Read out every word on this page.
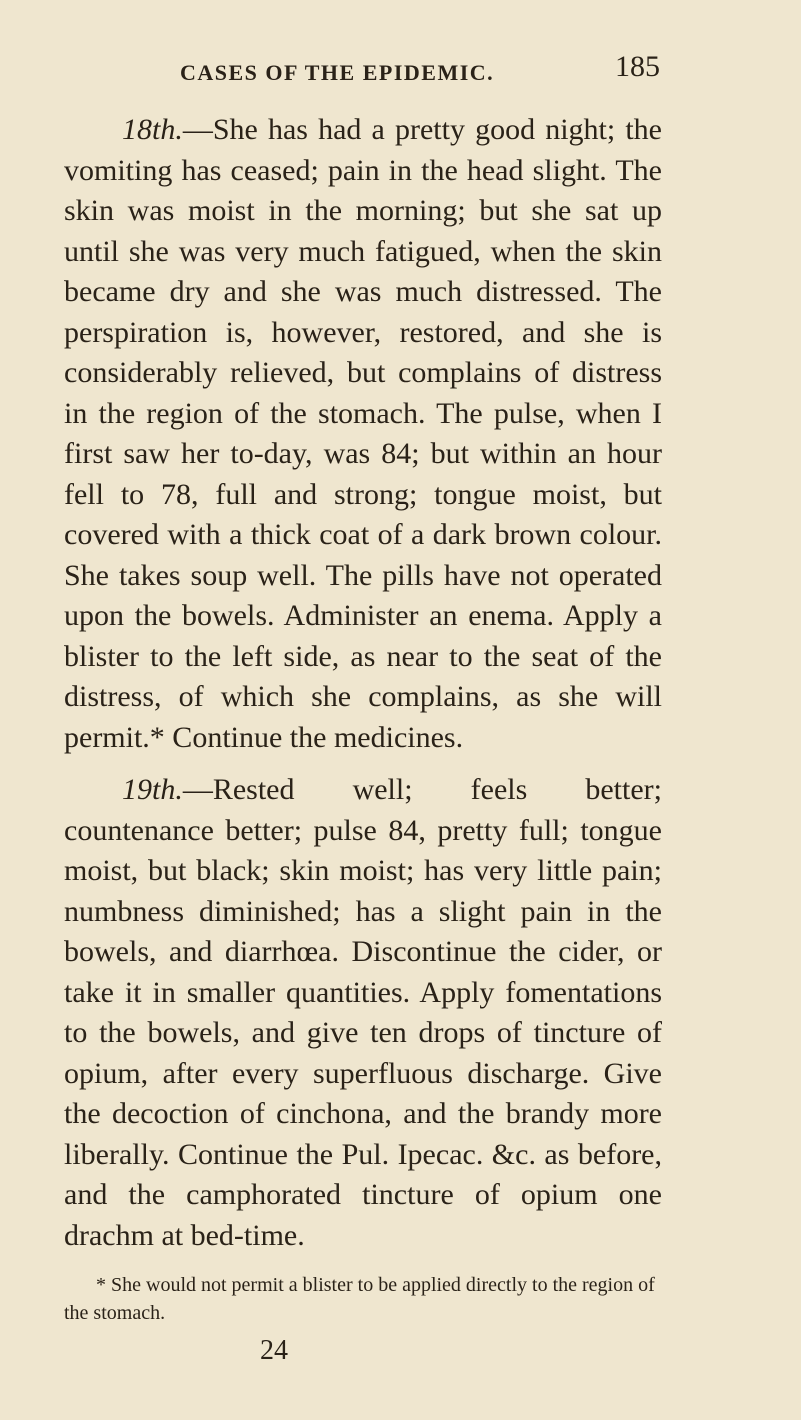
CASES OF THE EPIDEMIC.	185

18th.—She has had a pretty good night; the vomiting has ceased; pain in the head slight. The skin was moist in the morning; but she sat up until she was very much fatigued, when the skin became dry and she was much distressed. The perspiration is, however, restored, and she is considerably relieved, but complains of distress in the region of the stomach. The pulse, when I first saw her to-day, was 84; but within an hour fell to 78, full and strong; tongue moist, but covered with a thick coat of a dark brown colour. She takes soup well. The pills have not operated upon the bowels. Administer an enema. Apply a blister to the left side, as near to the seat of the distress, of which she complains, as she will permit.* Continue the medicines.

19th.—Rested well; feels better; countenance better; pulse 84, pretty full; tongue moist, but black; skin moist; has very little pain; numbness diminished; has a slight pain in the bowels, and diarrhœa. Discontinue the cider, or take it in smaller quantities. Apply fomentations to the bowels, and give ten drops of tincture of opium, after every superfluous discharge. Give the decoction of cinchona, and the brandy more liberally. Continue the Pul. Ipecac. &c. as before, and the camphorated tincture of opium one drachm at bed-time.

* She would not permit a blister to be applied directly to the region of the stomach.

24
